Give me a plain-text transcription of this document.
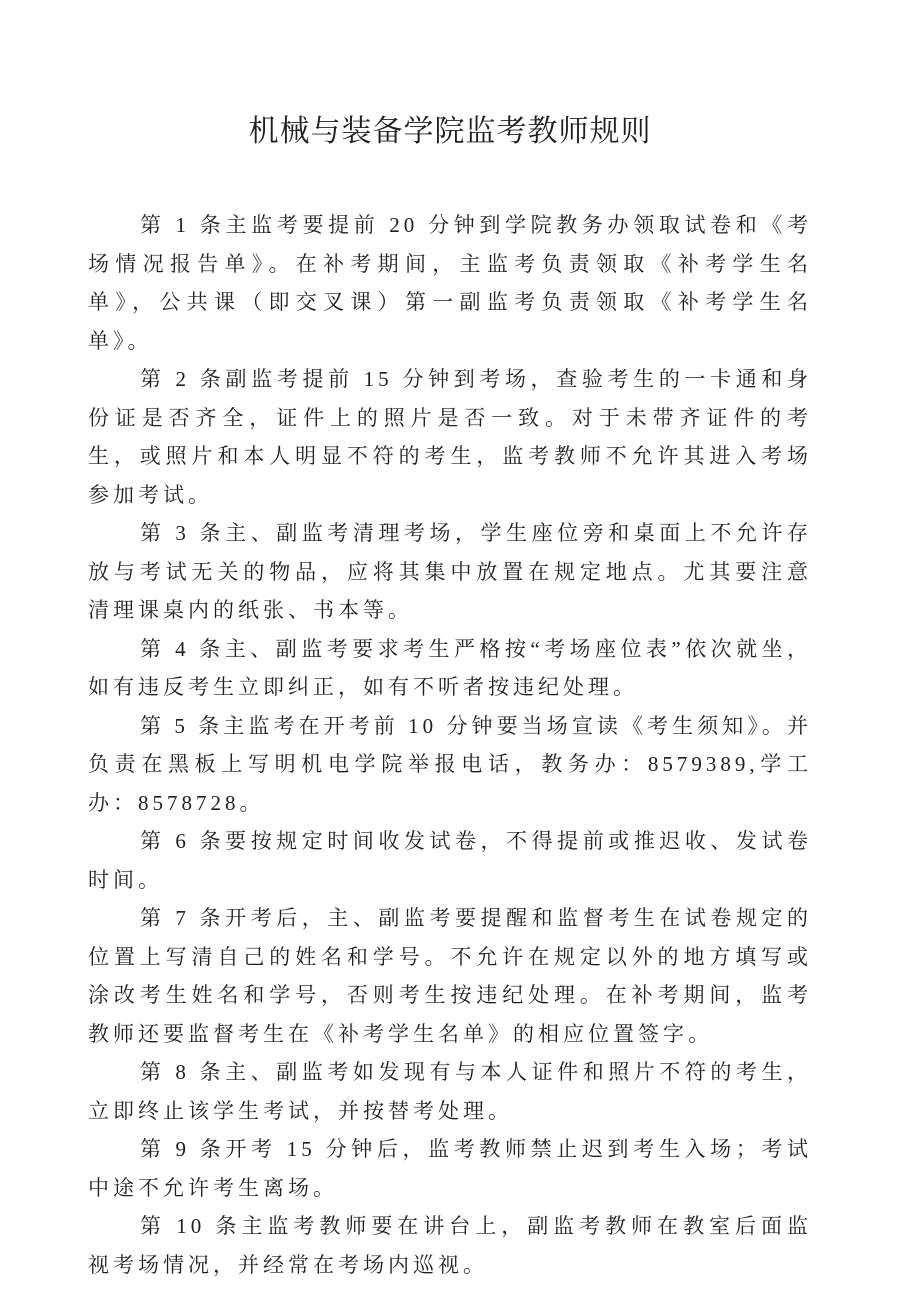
机械与装备学院监考教师规则

第 1 条主监考要提前 20 分钟到学院教务办领取试卷和《考场情况报告单》。在补考期间，主监考负责领取《补考学生名单》，公共课（即交叉课）第一副监考负责领取《补考学生名单》。

第 2 条副监考提前 15 分钟到考场，查验考生的一卡通和身份证是否齐全，证件上的照片是否一致。对于未带齐证件的考生，或照片和本人明显不符的考生，监考教师不允许其进入考场参加考试。

第 3 条主、副监考清理考场，学生座位旁和桌面上不允许存放与考试无关的物品，应将其集中放置在规定地点。尤其要注意清理课桌内的纸张、书本等。

第 4 条主、副监考要求考生严格按“考场座位表”依次就坐，如有违反考生立即纠正，如有不听者按违纪处理。

第 5 条主监考在开考前 10 分钟要当场宣读《考生须知》。并负责在黑板上写明机电学院举报电话，教务办：8579389,学工办：8578728。

第 6 条要按规定时间收发试卷，不得提前或推迟收、发试卷时间。

第 7 条开考后，主、副监考要提醒和监督考生在试卷规定的位置上写清自己的姓名和学号。不允许在规定以外的地方填写或涂改考生姓名和学号，否则考生按违纪处理。在补考期间，监考教师还要监督考生在《补考学生名单》的相应位置签字。

第 8 条主、副监考如发现有与本人证件和照片不符的考生，立即终止该学生考试，并按替考处理。

第 9 条开考 15 分钟后，监考教师禁止迟到考生入场；考试中途不允许考生离场。

第 10 条主监考教师要在讲台上，副监考教师在教室后面监视考场情况，并经常在考场内巡视。
